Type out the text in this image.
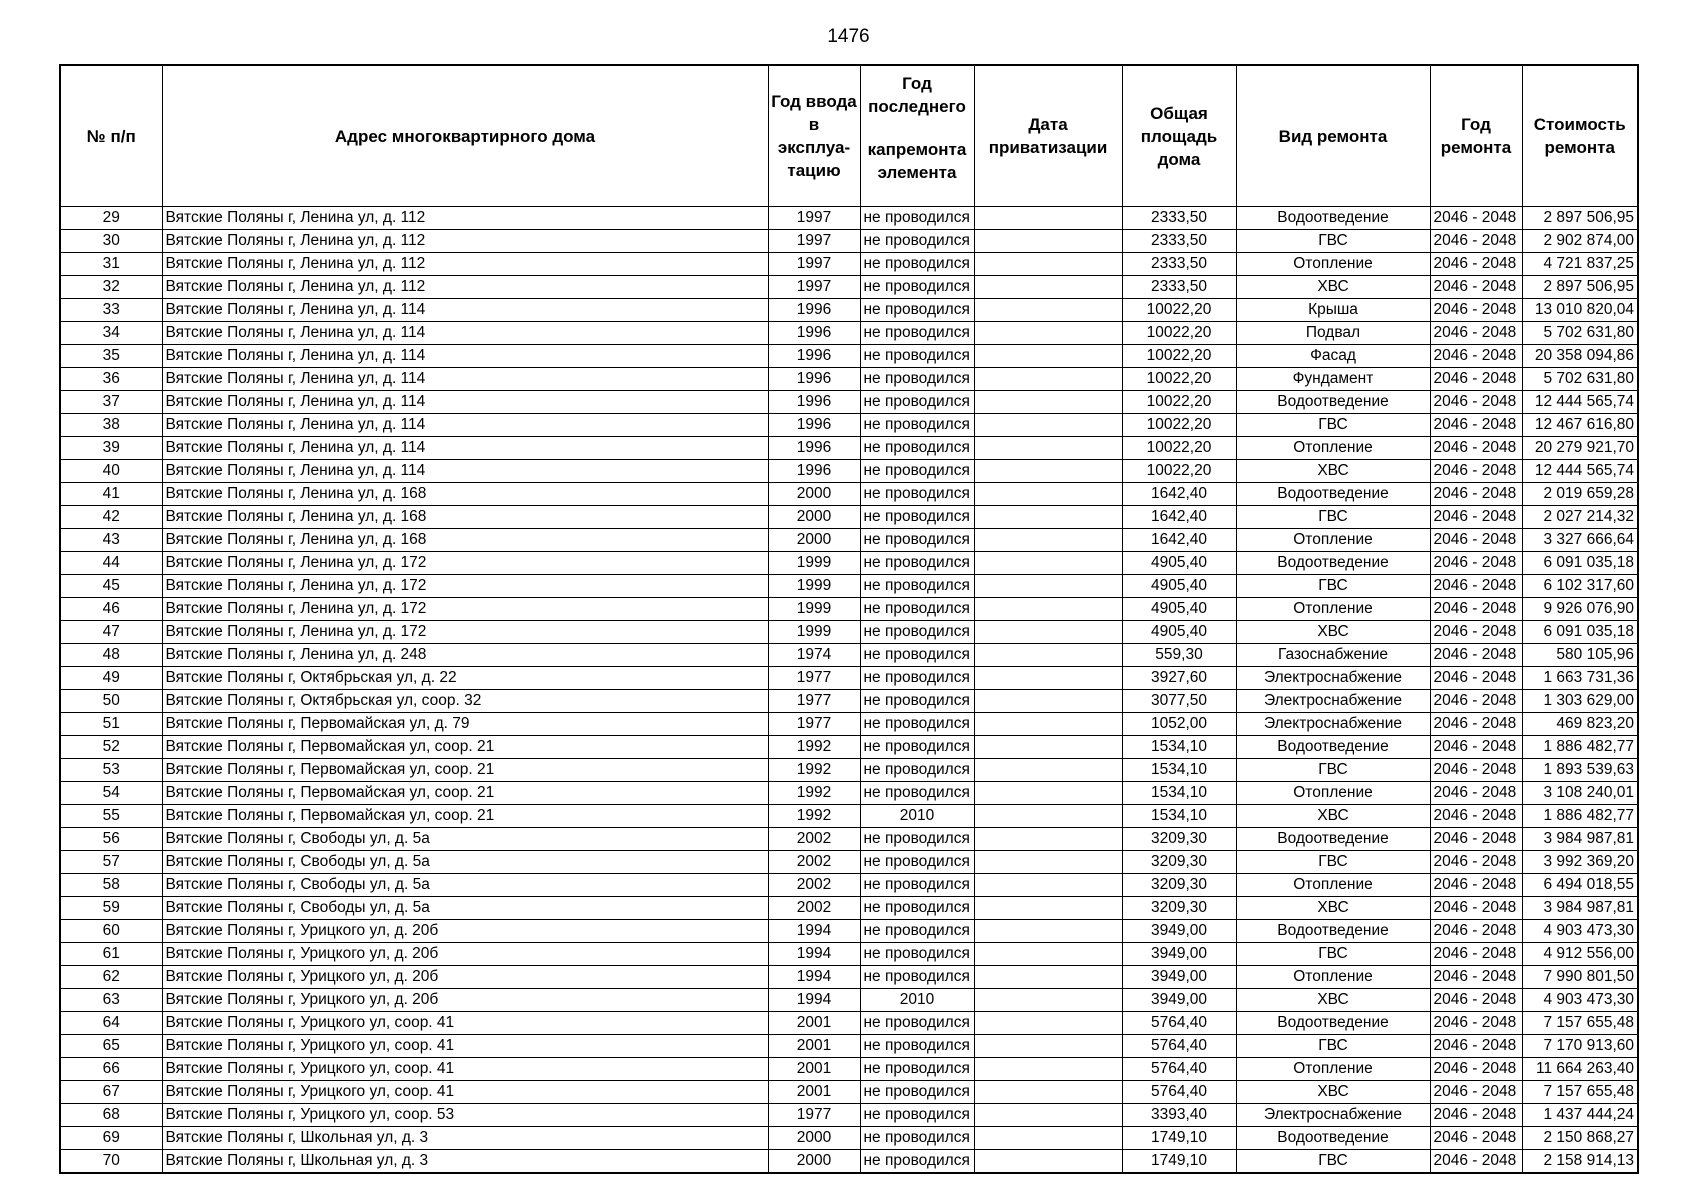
1476
№ п/п	Адрес многоквартирного дома	Год ввода в эксплуа-тацию	Год последнего
капремонта элемента	Дата приватизации	Общая площадь дома	Вид ремонта	Год ремонта	Стоимость ремонта
29	Вятские Поляны г, Ленина ул, д. 112	1997	не проводился		2333,50	Водоотведение	2046 - 2048	2 897 506,95
30	Вятские Поляны г, Ленина ул, д. 112	1997	не проводился		2333,50	ГВС	2046 - 2048	2 902 874,00
31	Вятские Поляны г, Ленина ул, д. 112	1997	не проводился		2333,50	Отопление	2046 - 2048	4 721 837,25
32	Вятские Поляны г, Ленина ул, д. 112	1997	не проводился		2333,50	ХВС	2046 - 2048	2 897 506,95
33	Вятские Поляны г, Ленина ул, д. 114	1996	не проводился		10022,20	Крыша	2046 - 2048	13 010 820,04
34	Вятские Поляны г, Ленина ул, д. 114	1996	не проводился		10022,20	Подвал	2046 - 2048	5 702 631,80
35	Вятские Поляны г, Ленина ул, д. 114	1996	не проводился		10022,20	Фасад	2046 - 2048	20 358 094,86
36	Вятские Поляны г, Ленина ул, д. 114	1996	не проводился		10022,20	Фундамент	2046 - 2048	5 702 631,80
37	Вятские Поляны г, Ленина ул, д. 114	1996	не проводился		10022,20	Водоотведение	2046 - 2048	12 444 565,74
38	Вятские Поляны г, Ленина ул, д. 114	1996	не проводился		10022,20	ГВС	2046 - 2048	12 467 616,80
39	Вятские Поляны г, Ленина ул, д. 114	1996	не проводился		10022,20	Отопление	2046 - 2048	20 279 921,70
40	Вятские Поляны г, Ленина ул, д. 114	1996	не проводился		10022,20	ХВС	2046 - 2048	12 444 565,74
41	Вятские Поляны г, Ленина ул, д. 168	2000	не проводился		1642,40	Водоотведение	2046 - 2048	2 019 659,28
42	Вятские Поляны г, Ленина ул, д. 168	2000	не проводился		1642,40	ГВС	2046 - 2048	2 027 214,32
43	Вятские Поляны г, Ленина ул, д. 168	2000	не проводился		1642,40	Отопление	2046 - 2048	3 327 666,64
44	Вятские Поляны г, Ленина ул, д. 172	1999	не проводился		4905,40	Водоотведение	2046 - 2048	6 091 035,18
45	Вятские Поляны г, Ленина ул, д. 172	1999	не проводился		4905,40	ГВС	2046 - 2048	6 102 317,60
46	Вятские Поляны г, Ленина ул, д. 172	1999	не проводился		4905,40	Отопление	2046 - 2048	9 926 076,90
47	Вятские Поляны г, Ленина ул, д. 172	1999	не проводился		4905,40	ХВС	2046 - 2048	6 091 035,18
48	Вятские Поляны г, Ленина ул, д. 248	1974	не проводился		559,30	Газоснабжение	2046 - 2048	580 105,96
49	Вятские Поляны г, Октябрьская ул, д. 22	1977	не проводился		3927,60	Электроснабжение	2046 - 2048	1 663 731,36
50	Вятские Поляны г, Октябрьская ул, соор. 32	1977	не проводился		3077,50	Электроснабжение	2046 - 2048	1 303 629,00
51	Вятские Поляны г, Первомайская ул, д. 79	1977	не проводился		1052,00	Электроснабжение	2046 - 2048	469 823,20
52	Вятские Поляны г, Первомайская ул, соор. 21	1992	не проводился		1534,10	Водоотведение	2046 - 2048	1 886 482,77
53	Вятские Поляны г, Первомайская ул, соор. 21	1992	не проводился		1534,10	ГВС	2046 - 2048	1 893 539,63
54	Вятские Поляны г, Первомайская ул, соор. 21	1992	не проводился		1534,10	Отопление	2046 - 2048	3 108 240,01
55	Вятские Поляны г, Первомайская ул, соор. 21	1992	2010		1534,10	ХВС	2046 - 2048	1 886 482,77
56	Вятские Поляны г, Свободы ул, д. 5а	2002	не проводился		3209,30	Водоотведение	2046 - 2048	3 984 987,81
57	Вятские Поляны г, Свободы ул, д. 5а	2002	не проводился		3209,30	ГВС	2046 - 2048	3 992 369,20
58	Вятские Поляны г, Свободы ул, д. 5а	2002	не проводился		3209,30	Отопление	2046 - 2048	6 494 018,55
59	Вятские Поляны г, Свободы ул, д. 5а	2002	не проводился		3209,30	ХВС	2046 - 2048	3 984 987,81
60	Вятские Поляны г, Урицкого ул, д. 20б	1994	не проводился		3949,00	Водоотведение	2046 - 2048	4 903 473,30
61	Вятские Поляны г, Урицкого ул, д. 20б	1994	не проводился		3949,00	ГВС	2046 - 2048	4 912 556,00
62	Вятские Поляны г, Урицкого ул, д. 20б	1994	не проводился		3949,00	Отопление	2046 - 2048	7 990 801,50
63	Вятские Поляны г, Урицкого ул, д. 20б	1994	2010		3949,00	ХВС	2046 - 2048	4 903 473,30
64	Вятские Поляны г, Урицкого ул, соор. 41	2001	не проводился		5764,40	Водоотведение	2046 - 2048	7 157 655,48
65	Вятские Поляны г, Урицкого ул, соор. 41	2001	не проводился		5764,40	ГВС	2046 - 2048	7 170 913,60
66	Вятские Поляны г, Урицкого ул, соор. 41	2001	не проводился		5764,40	Отопление	2046 - 2048	11 664 263,40
67	Вятские Поляны г, Урицкого ул, соор. 41	2001	не проводился		5764,40	ХВС	2046 - 2048	7 157 655,48
68	Вятские Поляны г, Урицкого ул, соор. 53	1977	не проводился		3393,40	Электроснабжение	2046 - 2048	1 437 444,24
69	Вятские Поляны г, Школьная ул, д. 3	2000	не проводился		1749,10	Водоотведение	2046 - 2048	2 150 868,27
70	Вятские Поляны г, Школьная ул, д. 3	2000	не проводился		1749,10	ГВС	2046 - 2048	2 158 914,13
